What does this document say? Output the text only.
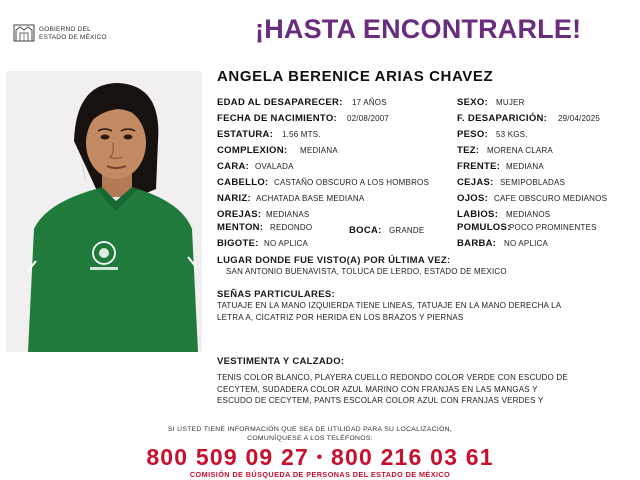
GOBIERNO DEL
ESTADO DE MÉXICO	¡HASTA ENCONTRARLE!
ANGELA BERENICE ARIAS CHAVEZ
EDAD AL DESAPARECER: 17 AÑOS	SEXO: MUJER
FECHA DE NACIMIENTO: 02/08/2007	F. DESAPARICIÓN: 29/04/2025
ESTATURA: 1.56 MTS.	PESO: 53 KGS.
COMPLEXION: MEDIANA	TEZ: MORENA CLARA
CARA: OVALADA	FRENTE: MEDIANA
CABELLO: CASTAÑO OBSCURO A LOS HOMBROS	CEJAS: SEMIPOBLADAS
NARIZ: ACHATADA BASE MEDIANA	OJOS: CAFE OBSCURO MEDIANOS
OREJAS: MEDIANAS	LABIOS: MEDIANOS
MENTON: REDONDO	BOCA: GRANDE	POMULOS:
POCO PROMINENTES
BIGOTE: NO APLICA	BARBA: NO APLICA
LUGAR DONDE FUE VISTO(A) POR ÚLTIMA VEZ:
SAN ANTONIO BUENAVISTA, TOLUCA DE LERDO, ESTADO DE MEXICO
SEÑAS PARTICULARES:
TATUAJE EN LA MANO IZQUIERDA TIENE LINEAS, TATUAJE EN LA MANO DERECHA LA
LETRA A, CICATRIZ POR HERIDA EN LOS BRAZOS Y PIERNAS
VESTIMENTA Y CALZADO:
TENIS COLOR BLANCO, PLAYERA CUELLO REDONDO COLOR VERDE CON ESCUDO DE
CECYTEM, SUDADERA COLOR AZUL MARINO CON FRANJAS EN LAS MANGAS Y
ESCUDO DE CECYTEM, PANTS ESCOLAR COLOR AZUL CON FRANJAS VERDES Y
SI USTED TIENE INFORMACIÓN QUE SEA DE UTILIDAD PARA SU LOCALIZACIÓN,
COMUNÍQUESE A LOS TELÉFONOS:
800 509 09 27 • 800 216 03 61
COMISIÓN DE BÚSQUEDA DE PERSONAS DEL ESTADO DE MÉXICO
